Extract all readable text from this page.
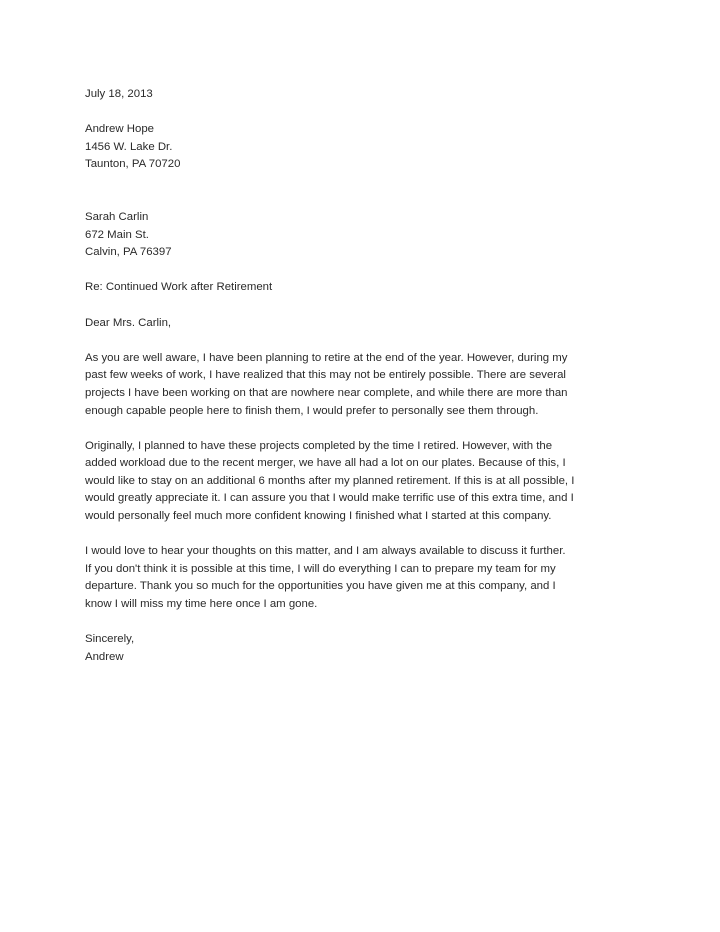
July 18, 2013
Andrew Hope
1456 W. Lake Dr.
Taunton, PA 70720
Sarah Carlin
672 Main St.
Calvin, PA 76397
Re: Continued Work after Retirement
Dear Mrs. Carlin,
As you are well aware, I have been planning to retire at the end of the year. However, during my
past few weeks of work, I have realized that this may not be entirely possible. There are several
projects I have been working on that are nowhere near complete, and while there are more than
enough capable people here to finish them, I would prefer to personally see them through.
Originally, I planned to have these projects completed by the time I retired. However, with the
added workload due to the recent merger, we have all had a lot on our plates. Because of this, I
would like to stay on an additional 6 months after my planned retirement. If this is at all possible, I
would greatly appreciate it. I can assure you that I would make terrific use of this extra time, and I
would personally feel much more confident knowing I finished what I started at this company.
I would love to hear your thoughts on this matter, and I am always available to discuss it further.
If you don't think it is possible at this time, I will do everything I can to prepare my team for my
departure. Thank you so much for the opportunities you have given me at this company, and I
know I will miss my time here once I am gone.
Sincerely,
Andrew
